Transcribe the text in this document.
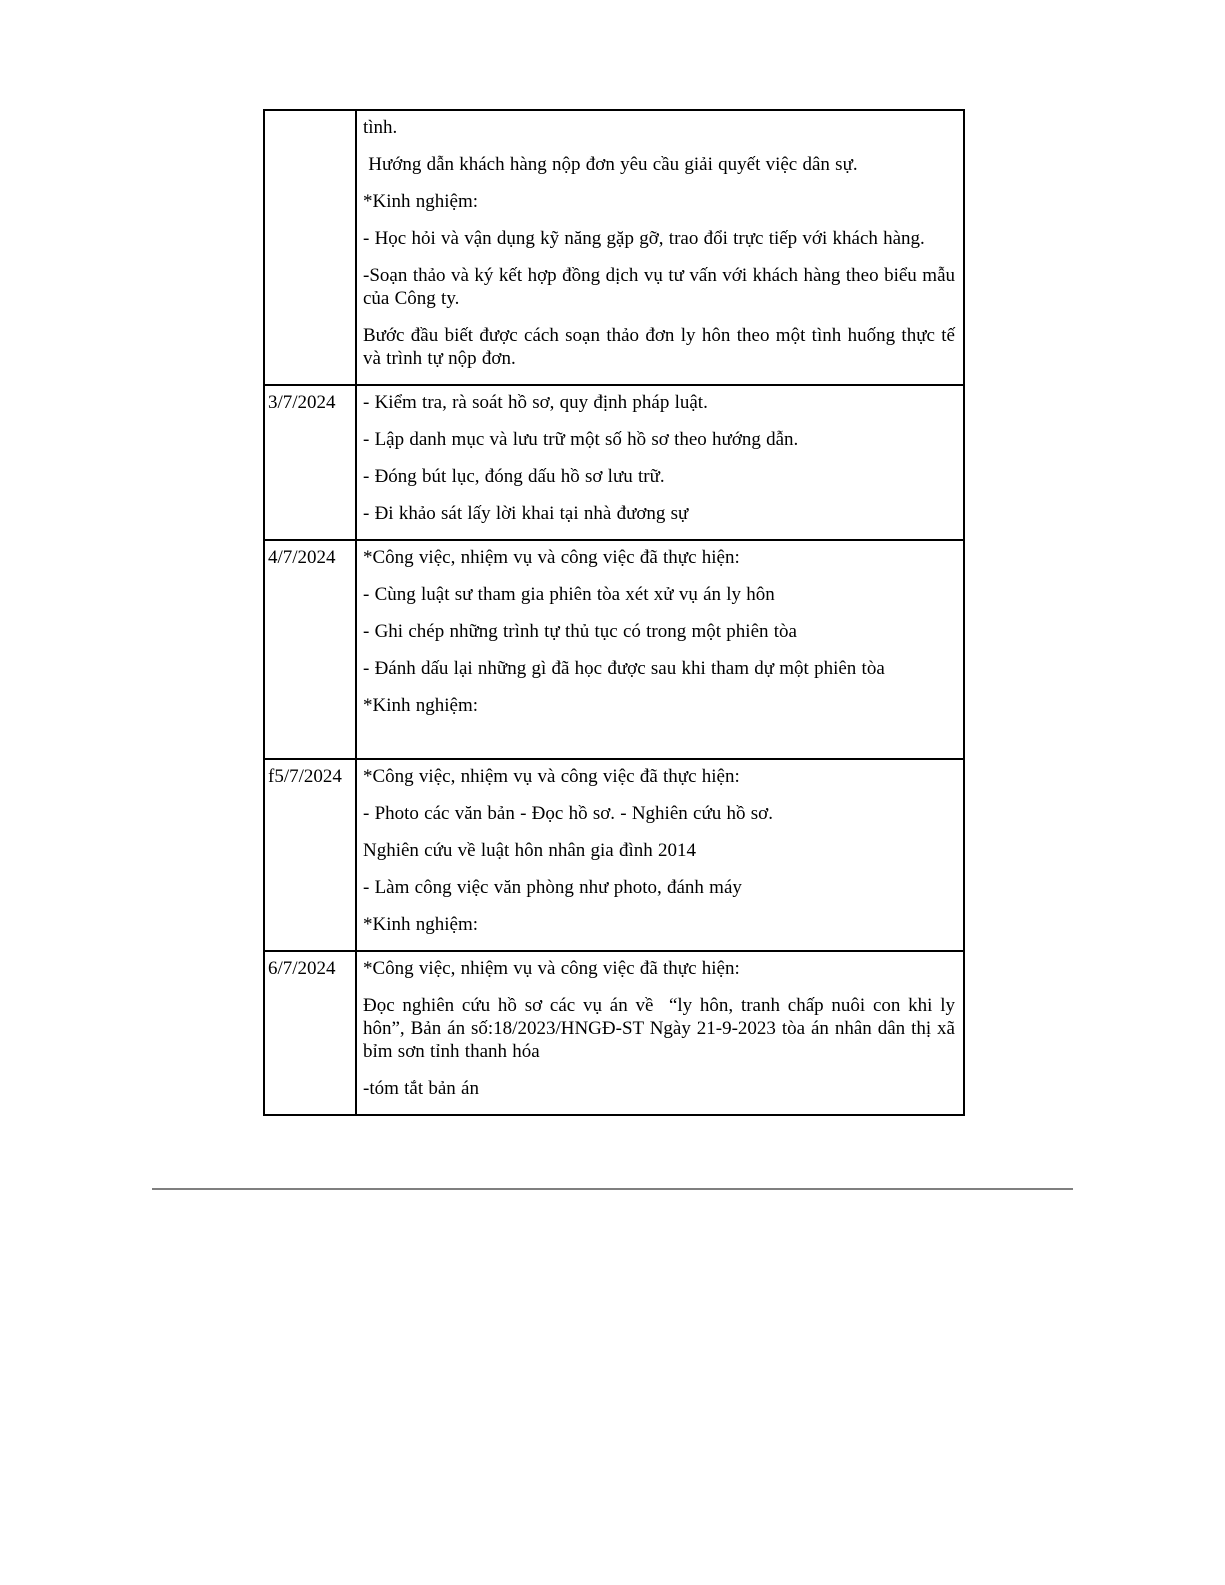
tình.

Hướng dẫn khách hàng nộp đơn yêu cầu giải quyết việc dân sự.

*Kinh nghiệm:

- Học hỏi và vận dụng kỹ năng gặp gỡ, trao đổi trực tiếp với khách hàng.

-Soạn thảo và ký kết hợp đồng dịch vụ tư vấn với khách hàng theo biểu mẫu của Công ty.

Bước đầu biết được cách soạn thảo đơn ly hôn theo một tình huống thực tế và trình tự nộp đơn.

3/7/2024	- Kiểm tra, rà soát hồ sơ, quy định pháp luật.

- Lập danh mục và lưu trữ một số hồ sơ theo hướng dẫn.

- Đóng bút lục, đóng dấu hồ sơ lưu trữ.

- Đi khảo sát lấy lời khai tại nhà đương sự

4/7/2024	*Công việc, nhiệm vụ và công việc đã thực hiện:

- Cùng luật sư tham gia phiên tòa xét xử vụ án ly hôn

- Ghi chép những trình tự thủ tục có trong một phiên tòa

- Đánh dấu lại những gì đã học được sau khi tham dự một phiên tòa

*Kinh nghiệm:

f5/7/2024	*Công việc, nhiệm vụ và công việc đã thực hiện:

- Photo các văn bản - Đọc hồ sơ. - Nghiên cứu hồ sơ.

Nghiên cứu về luật hôn nhân gia đình 2014

- Làm công việc văn phòng như photo, đánh máy

*Kinh nghiệm:

6/7/2024	*Công việc, nhiệm vụ và công việc đã thực hiện:

Đọc nghiên cứu hồ sơ các vụ án về  “ly hôn, tranh chấp nuôi con khi ly hôn”, Bản án số:18/2023/HNGĐ-ST Ngày 21-9-2023 tòa án nhân dân thị xã bỉm sơn tỉnh thanh hóa

-tóm tắt bản án
